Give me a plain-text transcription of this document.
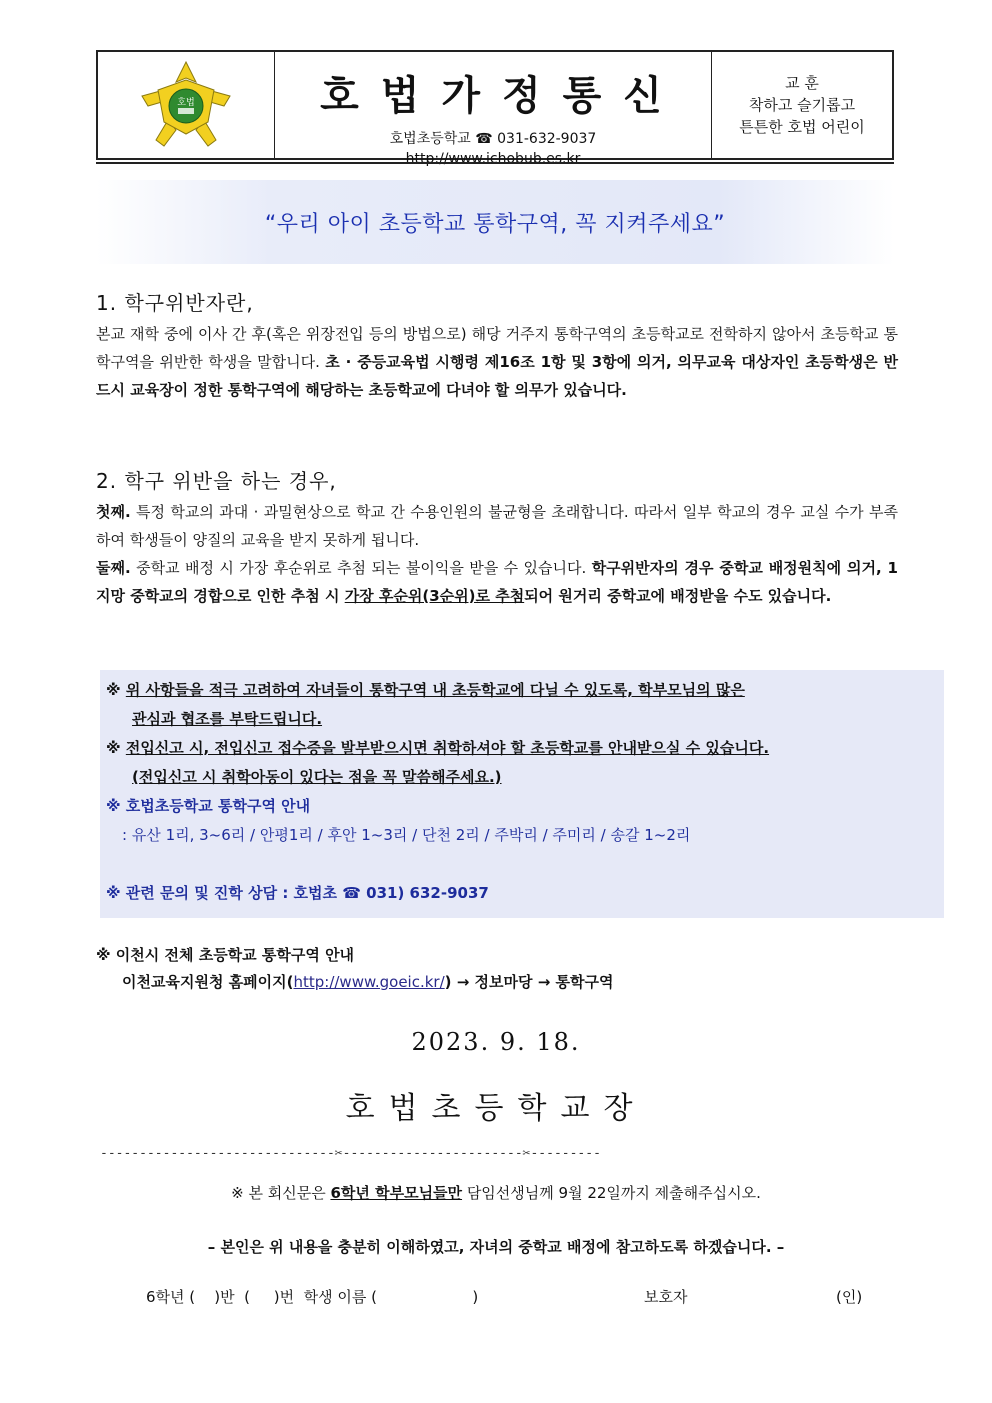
호법	호법가정통신
호법초등학교 ☎ 031-632-9037
http://www.ichobub.es.kr
교 훈
착하고 슬기롭고
튼튼한 호법 어린이
“우리 아이 초등학교 통학구역, 꼭 지켜주세요”
1. 학구위반자란,
본교 재학 중에 이사 간 후(혹은 위장전입 등의 방법으로) 해당 거주지 통학구역의 초등학교로 전학하지 않아서 초등학교 통학구역을 위반한 학생을 말합니다. 초 · 중등교육법 시행령 제16조 1항 및 3항에 의거, 의무교육 대상자인 초등학생은 반드시 교육장이 정한 통학구역에 해당하는 초등학교에 다녀야 할 의무가 있습니다.
2. 학구 위반을 하는 경우,
첫째. 특정 학교의 과대 · 과밀현상으로 학교 간 수용인원의 불균형을 초래합니다. 따라서 일부 학교의 경우 교실 수가 부족하여 학생들이 양질의 교육을 받지 못하게 됩니다.
둘째. 중학교 배정 시 가장 후순위로 추첨 되는 불이익을 받을 수 있습니다. 학구위반자의 경우 중학교 배정원칙에 의거, 1지망 중학교의 경합으로 인한 추첨 시 가장 후순위(3순위)로 추첨되어 원거리 중학교에 배정받을 수도 있습니다.
※ 위 사항들을 적극 고려하여 자녀들이 통학구역 내 초등학교에 다닐 수 있도록, 학부모님의 많은
관심과 협조를 부탁드립니다.
※ 전입신고 시, 전입신고 접수증을 발부받으시면 취학하셔야 할 초등학교를 안내받으실 수 있습니다.
(전입신고 시 취학아동이 있다는 점을 꼭 말씀해주세요.)
※ 호법초등학교 통학구역 안내
: 유산 1리, 3~6리 / 안평1리 / 후안 1~3리 / 단천 2리 / 주박리 / 주미리 / 송갈 1~2리
※ 관련 문의 및 진학 상담 : 호법초 ☎ 031) 632-9037
※ 이천시 전체 초등학교 통학구역 안내
이천교육지원청 홈페이지(http://www.goeic.kr/) → 정보마당 → 통학구역
2023. 9. 18.
호법초등학교장
------------------------------✂-----------------------✂---------
※ 본 회신문은 6학년 학부모님들만 담임선생님께 9월 22일까지 제출해주십시오.
– 본인은 위 내용을 충분히 이해하였고, 자녀의 중학교 배정에 참고하도록 하겠습니다. –
6학년 (    )반  (     )번  학생 이름 (                    )	보호자	(인)
